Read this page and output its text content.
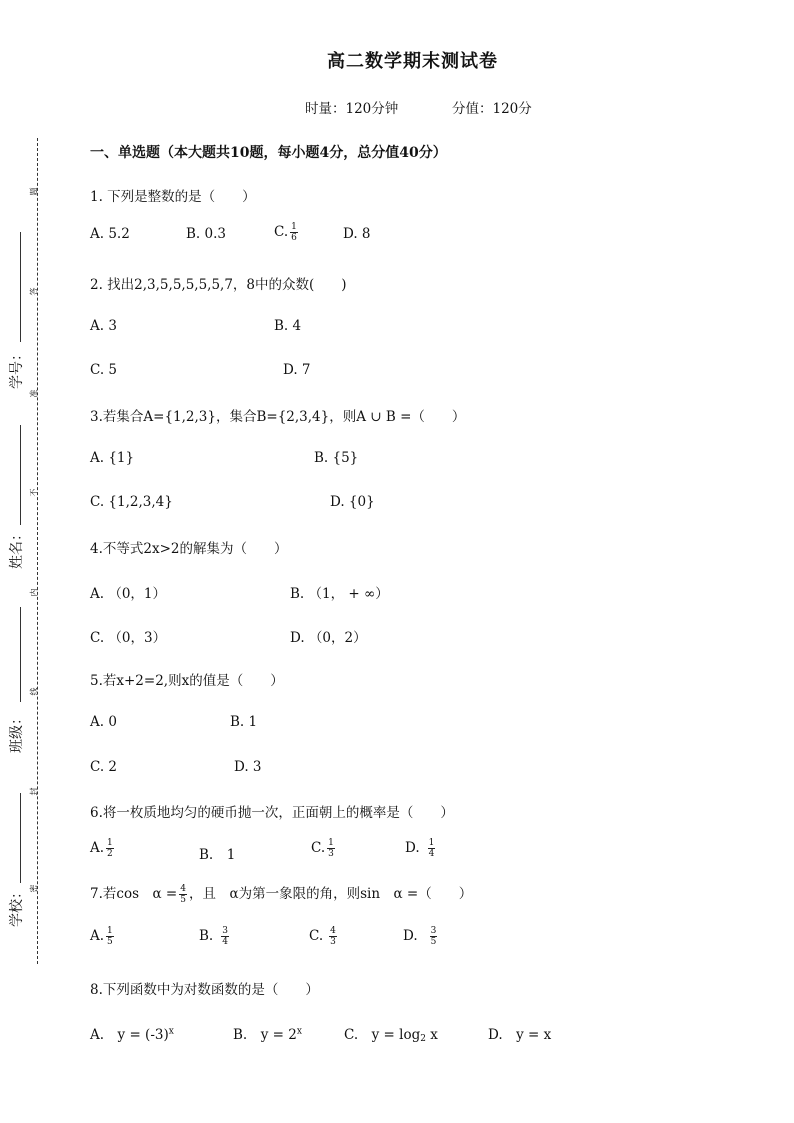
高二数学期末测试卷
时量：120分钟	分值：120分
学号：
姓名：
班级：
学校：
题
答
准
不
内
线
封
密
一、单选题（本大题共10题，每小题4分，总分值40分）
1. 下列是整数的是（　　）
A. 5.2	B. 0.3	C. $\frac{1}{6}$	D. 8
2. 找出2,3,5,5,5,5,5,7，8中的众数(　　)
A. 3	B. 4
C. 5	D. 7
3.若集合A={1,2,3}，集合B={2,3,4}，则A ∪ B =（　　）
A. {1}	B. {5}
C. {1,2,3,4}	D. {0}
4.不等式2x>2的解集为（　　）
A. （0，1）	B. （1， + ∞）
C. （0，3）	D. （0，2）
5.若x+2=2,则x的值是（　　）
A. 0	B. 1
C. 2	D. 3
6.将一枚质地均匀的硬币抛一次，正面朝上的概率是（　　）
A. $\frac{1}{2}$	B.　1	C. $\frac{1}{3}$	D. $\frac{1}{4}$
7.若cos　$\alpha = \frac{4}{5}$ ，且　α为第一象限的角，则sin　α =（　　）
A. $\frac{1}{5}$	B. $\frac{3}{4}$	C. $\frac{4}{3}$	D. $\frac{3}{5}$
8.下列函数中为对数函数的是（　　）
A.　$y = (-3)^x$	B.　$y = 2^x$	C.　$y = \log_2 x$	D.　y = x
